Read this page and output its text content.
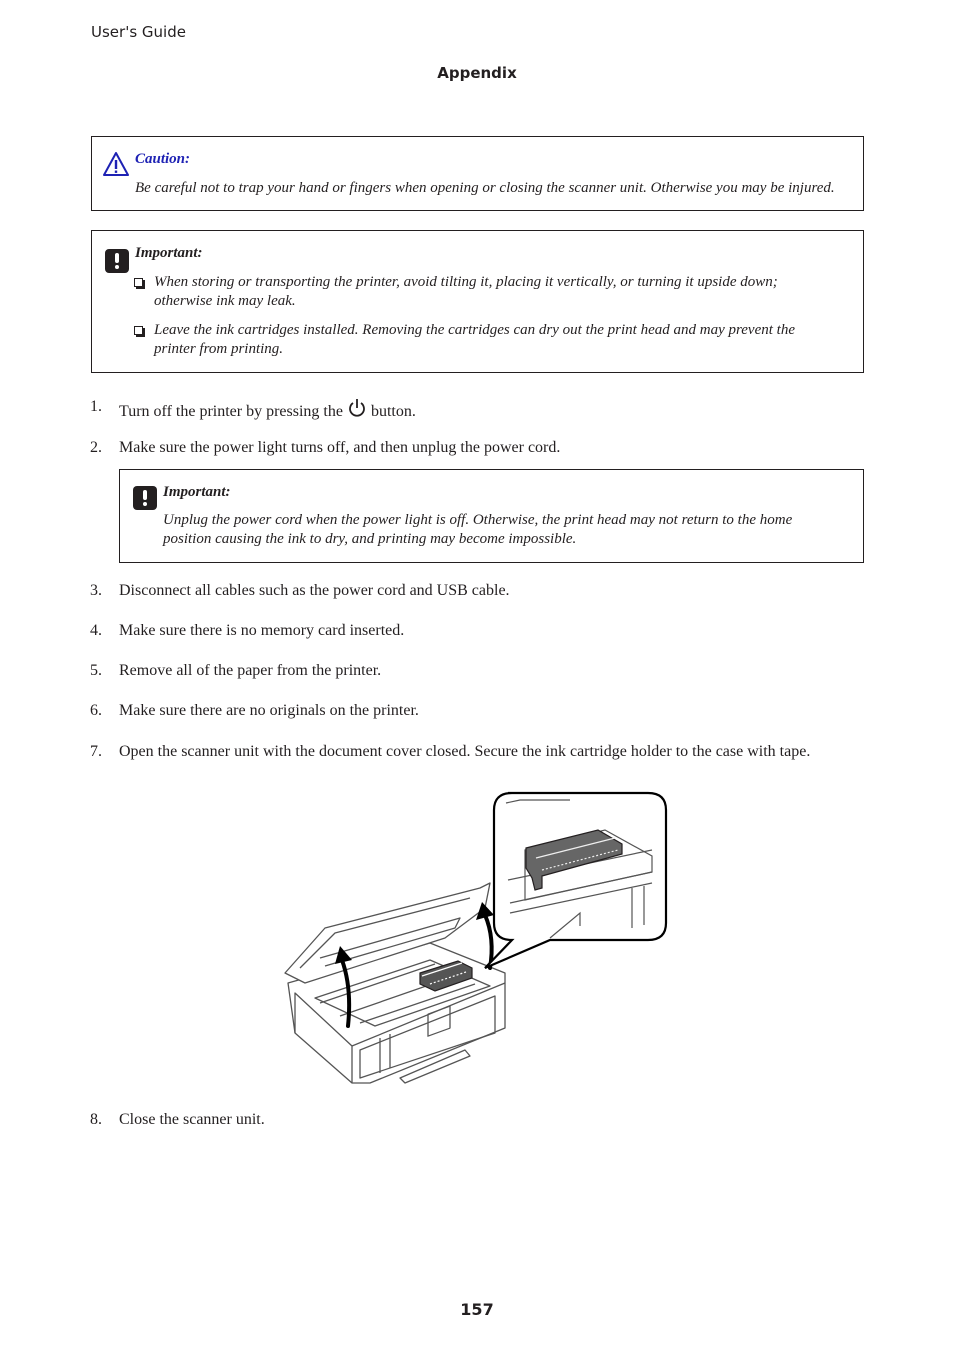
User's Guide
Appendix
Caution:
Be careful not to trap your hand or fingers when opening or closing the scanner unit. Otherwise you may be injured.
Important:
When storing or transporting the printer, avoid tilting it, placing it vertically, or turning it upside down;
otherwise ink may leak.
Leave the ink cartridges installed. Removing the cartridges can dry out the print head and may prevent the
printer from printing.
1. Turn off the printer by pressing the button.
2. Make sure the power light turns off, and then unplug the power cord.
Important:
Unplug the power cord when the power light is off. Otherwise, the print head may not return to the home
position causing the ink to dry, and printing may become impossible.
3. Disconnect all cables such as the power cord and USB cable.
4. Make sure there is no memory card inserted.
5. Remove all of the paper from the printer.
6. Make sure there are no originals on the printer.
7. Open the scanner unit with the document cover closed. Secure the ink cartridge holder to the case with tape.
8. Close the scanner unit.
157
